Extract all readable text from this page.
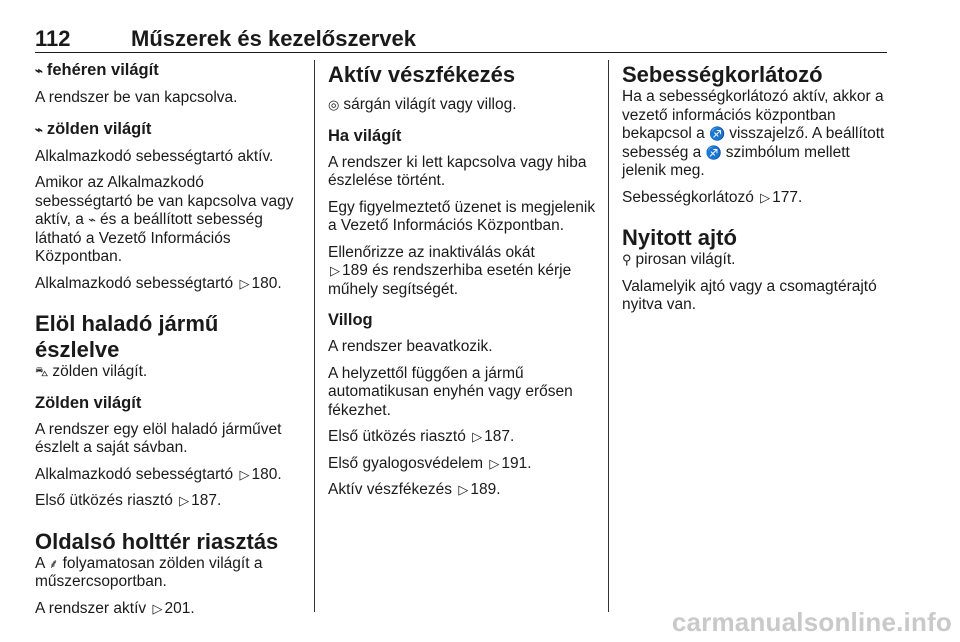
112	Műszerek és kezelőszervek
⌁ fehéren világít

A rendszer be van kapcsolva.

⌁ zölden világít

Alkalmazkodó sebességtartó aktív.

Amikor az Alkalmazkodó sebességtartó be van kapcsolva vagy aktív, a ⌁ és a beállított sebesség látható a Vezető Információs Központban.

Alkalmazkodó sebességtartó ▷ 180.

Elöl haladó jármű észlelve

⛍ zölden világít.

Zölden világít

A rendszer egy elöl haladó járművet észlelt a saját sávban.

Alkalmazkodó sebességtartó ▷ 180.

Első ütközés riasztó ▷ 187.

Oldalsó holttér riasztás

A ⸙ folyamatosan zölden világít a műszercsoportban.

A rendszer aktív ▷ 201.

Aktív vészfékezés

◎ sárgán világít vagy villog.

Ha világít

A rendszer ki lett kapcsolva vagy hiba észlelése történt.

Egy figyelmeztető üzenet is megjelenik a Vezető Információs Központban.

Ellenőrizze az inaktiválás okát
▷ 189 és rendszerhiba esetén kérje műhely segítségét.

Villog

A rendszer beavatkozik.

A helyzettől függően a jármű automatikusan enyhén vagy erősen fékezhet.

Első ütközés riasztó ▷ 187.

Első gyalogosvédelem ▷ 191.

Aktív vészfékezés ▷ 189.

Sebességkorlátozó

Ha a sebességkorlátozó aktív, akkor a vezető információs központban bekapcsol a ♐ visszajelző. A beállított sebesség a ♐ szimbólum mellett jelenik meg.

Sebességkorlátozó ▷ 177.

Nyitott ajtó

⚲ pirosan világít.

Valamelyik ajtó vagy a csomagtérajtó nyitva van.

carmanualsonline.info
